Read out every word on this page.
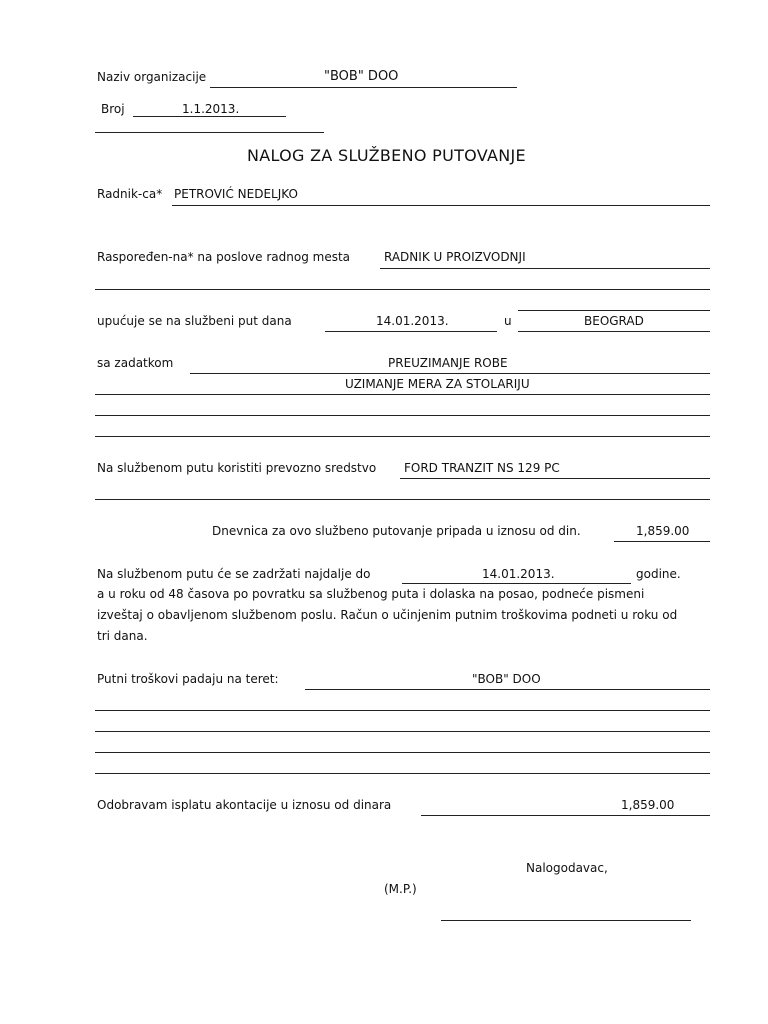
Naziv organizacije	"BOB" DOO
Broj	1.1.2013.
NALOG ZA SLUŽBENO PUTOVANJE
Radnik-ca* PETROVIĆ NEDELJKO
Raspoređen-na* na poslove radnog mesta	RADNIK U PROIZVODNJI
upućuje se na službeni put dana	14.01.2013.	u	BEOGRAD
sa zadatkom	PREUZIMANJE ROBE
UZIMANJE MERA ZA STOLARIJU
Na službenom putu koristiti prevozno sredstvo FORD TRANZIT NS 129 PC
Dnevnica za ovo službeno putovanje pripada u iznosu od din.	1,859.00
Na službenom putu će se zadržati najdalje do	14.01.2013.	godine.
a u roku od 48 časova po povratku sa službenog puta i dolaska na posao, podneće pismeni
izveštaj o obavljenom službenom poslu. Račun o učinjenim putnim troškovima podneti u roku od
tri dana.
Putni troškovi padaju na teret:	"BOB" DOO
Odobravam isplatu akontacije u iznosu od dinara	1,859.00
Nalogodavac,
(M.P.)
